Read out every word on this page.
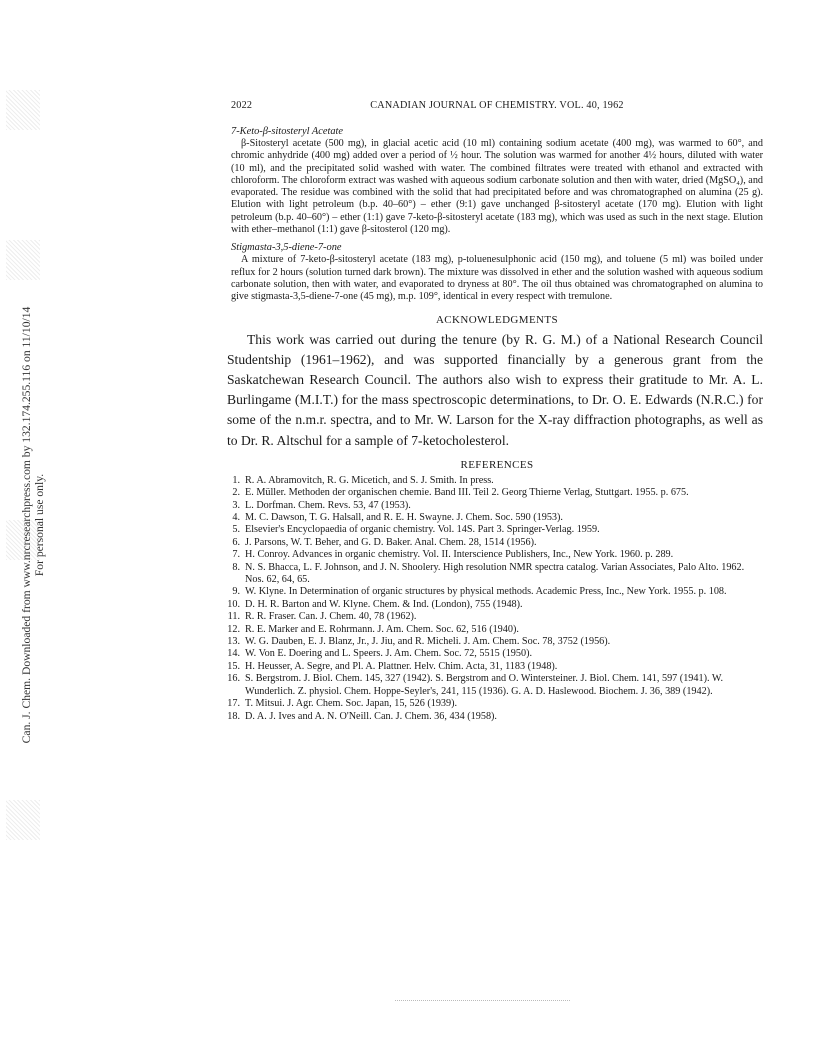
Can. J. Chem. Downloaded from www.nrcresearchpress.com by 132.174.255.116 on 11/10/14 For personal use only.
2022	CANADIAN JOURNAL OF CHEMISTRY. VOL. 40, 1962
7-Keto-β-sitosteryl Acetate

β-Sitosteryl acetate (500 mg), in glacial acetic acid (10 ml) containing sodium acetate (400 mg), was warmed to 60°, and chromic anhydride (400 mg) added over a period of ½ hour. The solution was warmed for another 4½ hours, diluted with water (10 ml), and the precipitated solid washed with water. The combined filtrates were treated with ethanol and extracted with chloroform. The chloroform extract was washed with aqueous sodium carbonate solution and then with water, dried (MgSO₄), and evaporated. The residue was combined with the solid that had precipitated before and was chromatographed on alumina (25 g). Elution with light petroleum (b.p. 40–60°) – ether (9:1) gave unchanged β-sitosteryl acetate (170 mg). Elution with light petroleum (b.p. 40–60°) – ether (1:1) gave 7-keto-β-sitosteryl acetate (183 mg), which was used as such in the next stage. Elution with ether–methanol (1:1) gave β-sitosterol (120 mg).

Stigmasta-3,5-diene-7-one

A mixture of 7-keto-β-sitosteryl acetate (183 mg), p-toluenesulphonic acid (150 mg), and toluene (5 ml) was boiled under reflux for 2 hours (solution turned dark brown). The mixture was dissolved in ether and the solution washed with aqueous sodium carbonate solution, then with water, and evaporated to dryness at 80°. The oil thus obtained was chromatographed on alumina to give stigmasta-3,5-diene-7-one (45 mg), m.p. 109°, identical in every respect with tremulone.

ACKNOWLEDGMENTS

This work was carried out during the tenure (by R. G. M.) of a National Research Council Studentship (1961–1962), and was supported financially by a generous grant from the Saskatchewan Research Council. The authors also wish to express their gratitude to Mr. A. L. Burlingame (M.I.T.) for the mass spectroscopic determinations, to Dr. O. E. Edwards (N.R.C.) for some of the n.m.r. spectra, and to Mr. W. Larson for the X-ray diffraction photographs, as well as to Dr. R. Altschul for a sample of 7-ketocholesterol.

REFERENCES
1. R. A. Abramovitch, R. G. Micetich, and S. J. Smith. In press.
2. E. Müller. Methoden der organischen chemie. Band III. Teil 2. Georg Thierne Verlag, Stuttgart. 1955. p. 675.
3. L. Dorfman. Chem. Revs. 53, 47 (1953).
4. M. C. Dawson, T. G. Halsall, and R. E. H. Swayne. J. Chem. Soc. 590 (1953).
5. Elsevier's Encyclopaedia of organic chemistry. Vol. 14S. Part 3. Springer-Verlag. 1959.
6. J. Parsons, W. T. Beher, and G. D. Baker. Anal. Chem. 28, 1514 (1956).
7. H. Conroy. Advances in organic chemistry. Vol. II. Interscience Publishers, Inc., New York. 1960. p. 289.
8. N. S. Bhacca, L. F. Johnson, and J. N. Shoolery. High resolution NMR spectra catalog. Varian Associates, Palo Alto. 1962. Nos. 62, 64, 65.
9. W. Klyne. In Determination of organic structures by physical methods. Academic Press, Inc., New York. 1955. p. 108.
10. D. H. R. Barton and W. Klyne. Chem. & Ind. (London), 755 (1948).
11. R. R. Fraser. Can. J. Chem. 40, 78 (1962).
12. R. E. Marker and E. Rohrmann. J. Am. Chem. Soc. 62, 516 (1940).
13. W. G. Dauben, E. J. Blanz, Jr., J. Jiu, and R. Micheli. J. Am. Chem. Soc. 78, 3752 (1956).
14. W. Von E. Doering and L. Speers. J. Am. Chem. Soc. 72, 5515 (1950).
15. H. Heusser, A. Segre, and Pl. A. Plattner. Helv. Chim. Acta, 31, 1183 (1948).
16. S. Bergstrom. J. Biol. Chem. 145, 327 (1942). S. Bergstrom and O. Wintersteiner. J. Biol. Chem. 141, 597 (1941). W. Wunderlich. Z. physiol. Chem. Hoppe-Seyler's, 241, 115 (1936). G. A. D. Haslewood. Biochem. J. 36, 389 (1942).
17. T. Mitsui. J. Agr. Chem. Soc. Japan, 15, 526 (1939).
18. D. A. J. Ives and A. N. O'Neill. Can. J. Chem. 36, 434 (1958).
